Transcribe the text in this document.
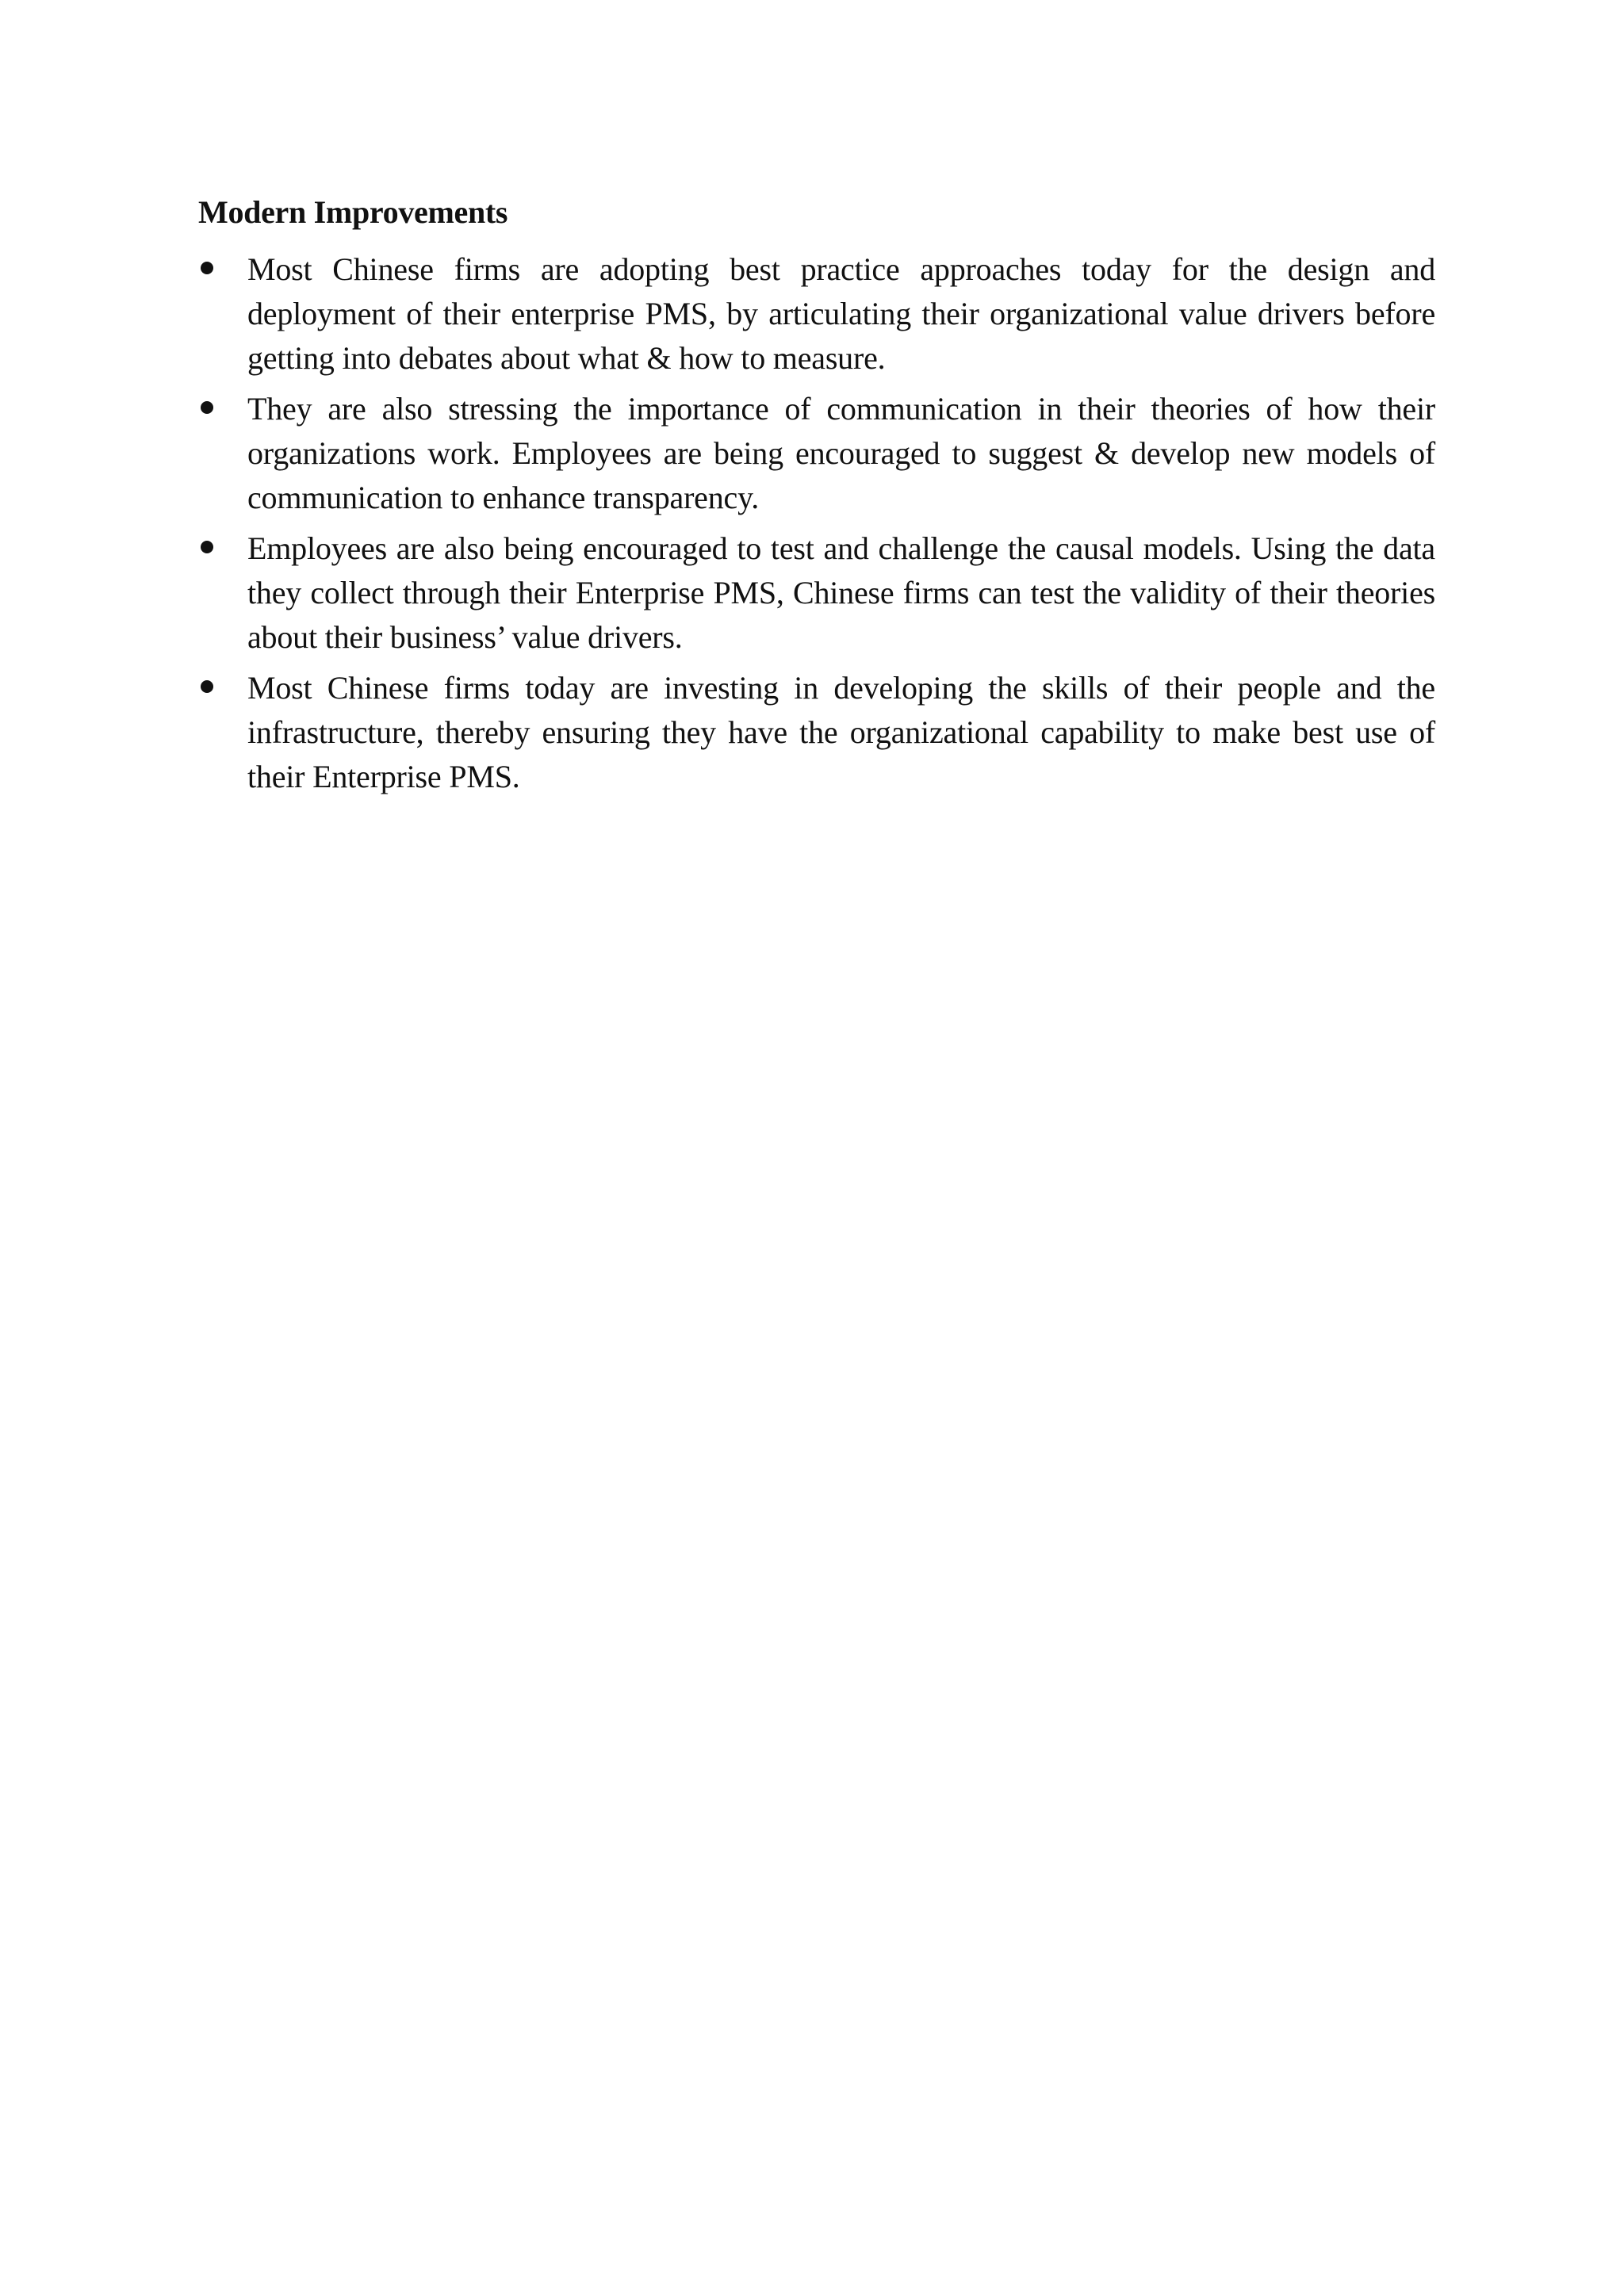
Modern Improvements
Most Chinese firms are adopting best practice approaches today for the design and deployment of their enterprise PMS, by articulating their organizational value drivers before getting into debates about what & how to measure.
They are also stressing the importance of communication in their theories of how their organizations work. Employees are being encouraged to suggest & develop new models of communication to enhance transparency.
Employees are also being encouraged to test and challenge the causal models. Using the data they collect through their Enterprise PMS, Chinese firms can test the validity of their theories about their business’ value drivers.
Most Chinese firms today are investing in developing the skills of their people and the infrastructure, thereby ensuring they have the organizational capability to make best use of their Enterprise PMS.
